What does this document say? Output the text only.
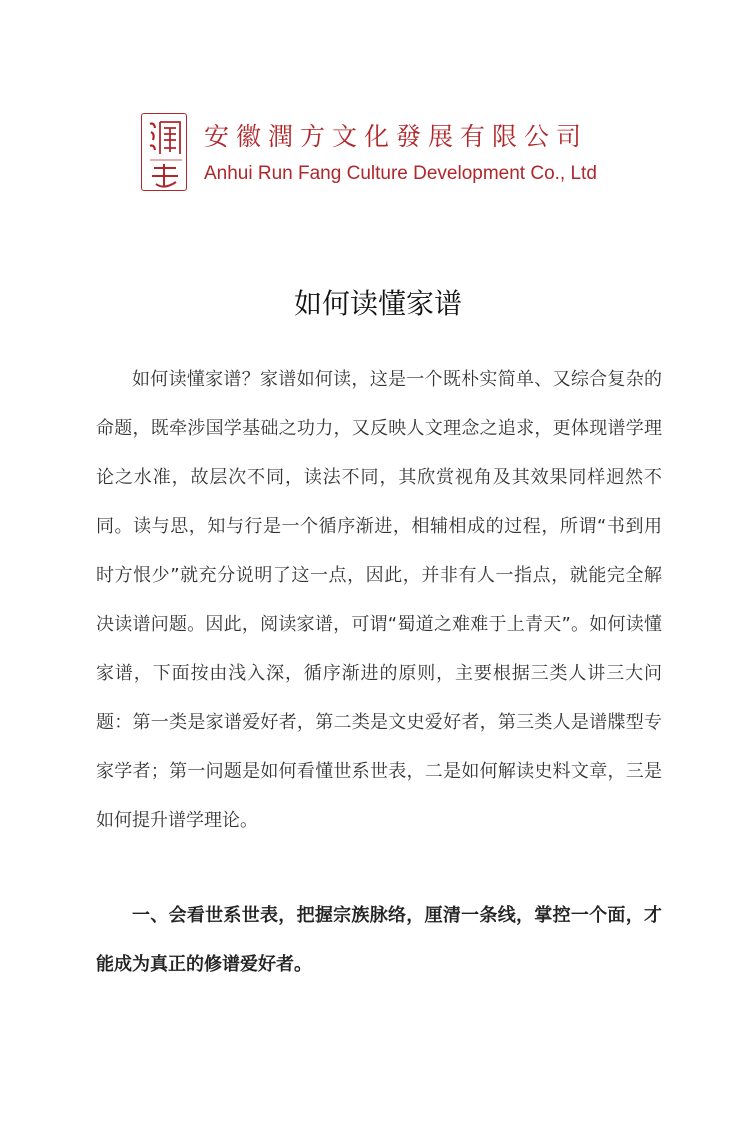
安徽潤方文化發展有限公司
Anhui Run Fang Culture Development Co., Ltd
如何读懂家谱

如何读懂家谱？家谱如何读，这是一个既朴实简单、又综合复杂的命题，既牵涉国学基础之功力，又反映人文理念之追求，更体现谱学理论之水准，故层次不同，读法不同，其欣赏视角及其效果同样迥然不同。读与思，知与行是一个循序渐进，相辅相成的过程，所谓“书到用时方恨少”就充分说明了这一点，因此，并非有人一指点，就能完全解决读谱问题。因此，阅读家谱，可谓“蜀道之难难于上青天”。如何读懂家谱，下面按由浅入深，循序渐进的原则，主要根据三类人讲三大问题：第一类是家谱爱好者，第二类是文史爱好者，第三类人是谱牒型专家学者；第一问题是如何看懂世系世表，二是如何解读史料文章，三是如何提升谱学理论。

一、会看世系世表，把握宗族脉络，厘清一条线，掌控一个面，才能成为真正的修谱爱好者。
